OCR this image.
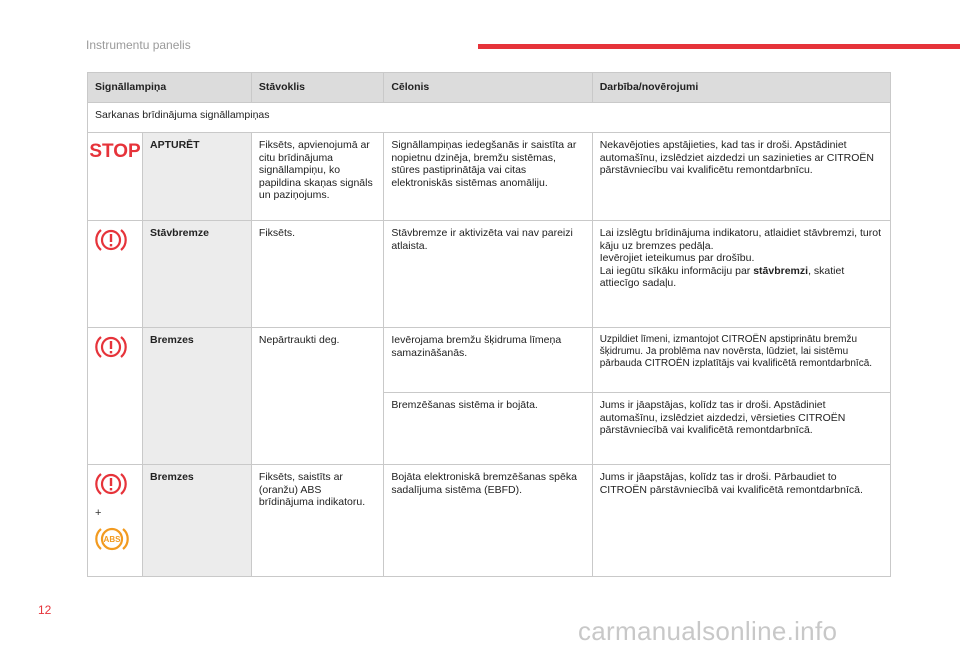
Instrumentu panelis
Signāllampiņa		Stāvoklis	Cēlonis	Darbība/novērojumi
Sarkanas brīdinājuma signāllampiņas				

STOP	APTURĒT	Fiksēts, apvienojumā ar citu brīdinājuma signāllampiņu, ko papildina skaņas signāls un paziņojums.	Signāllampiņas iedegšanās ir saistīta ar nopietnu dzinēja, bremžu sistēmas, stūres pastiprinātāja vai citas elektroniskās sistēmas anomāliju.	Nekavējoties apstājieties, kad tas ir droši. Apstādiniet automašīnu, izslēdziet aizdedzi un sazinieties ar CITROËN pārstāvniecību vai kvalificētu remontdarbnīcu.
	Stāvbremze	Fiksēts.	Stāvbremze ir aktivizēta vai nav pareizi atlaista.	Lai izslēgtu brīdinājuma indikatoru, atlaidiet stāvbremzi, turot kāju uz bremzes pedāļa.
Ievērojiet ieteikumus par drošību.
Lai iegūtu sīkāku informāciju par stāvbremzi, skatiet attiecīgo sadaļu.
	Bremzes	Nepārtraukti deg.	Ievērojama bremžu šķidruma līmeņa samazināšanās.	Uzpildiet līmeni, izmantojot CITROËN apstiprinātu bremžu šķidrumu. Ja problēma nav novērsta, lūdziet, lai sistēmu pārbauda CITROËN izplatītājs vai kvalificētā remontdarbnīcā.
			Bremzēšanas sistēma ir bojāta.	Jums ir jāapstājas, kolīdz tas ir droši. Apstādiniet automašīnu, izslēdziet aizdedzi, vērsieties CITROËN pārstāvniecībā vai kvalificētā remontdarbnīcā.

+
ABS	Bremzes	Fiksēts, saistīts ar (oranžu) ABS brīdinājuma indikatoru.	Bojāta elektroniskā bremzēšanas spēka sadalījuma sistēma (EBFD).	Jums ir jāapstājas, kolīdz tas ir droši. Pārbaudiet to CITROËN pārstāvniecībā vai kvalificētā remontdarbnīcā.
12
carmanualsonline.info
